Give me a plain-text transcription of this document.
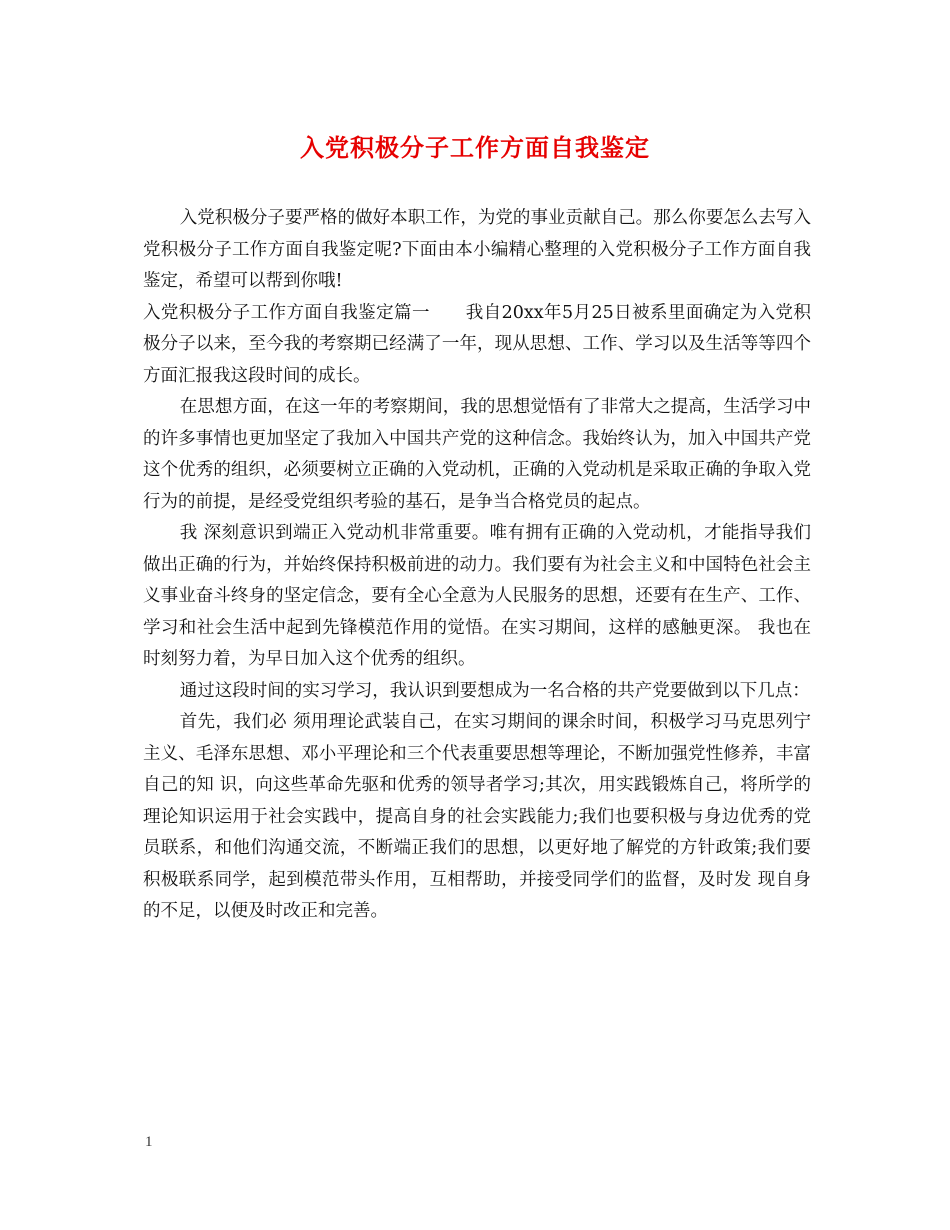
入党积极分子工作方面自我鉴定

入党积极分子要严格的做好本职工作，为党的事业贡献自己。那么你要怎么去写入党积极分子工作方面自我鉴定呢?下面由本小编精心整理的入党积极分子工作方面自我鉴定，希望可以帮到你哦!

入党积极分子工作方面自我鉴定篇一　　我自20xx年5月25日被系里面确定为入党积极分子以来，至今我的考察期已经满了一年，现从思想、工作、学习以及生活等等四个方面汇报我这段时间的成长。

在思想方面，在这一年的考察期间，我的思想觉悟有了非常大之提高，生活学习中的许多事情也更加坚定了我加入中国共产党的这种信念。我始终认为，加入中国共产党这个优秀的组织，必须要树立正确的入党动机，正确的入党动机是采取正确的争取入党行为的前提，是经受党组织考验的基石，是争当合格党员的起点。

我 深刻意识到端正入党动机非常重要。唯有拥有正确的入党动机，才能指导我们做出正确的行为，并始终保持积极前进的动力。我们要有为社会主义和中国特色社会主 义事业奋斗终身的坚定信念，要有全心全意为人民服务的思想，还要有在生产、工作、学习和社会生活中起到先锋模范作用的觉悟。在实习期间，这样的感触更深。 我也在时刻努力着，为早日加入这个优秀的组织。

通过这段时间的实习学习，我认识到要想成为一名合格的共产党要做到以下几点：

首先，我们必 须用理论武装自己，在实习期间的课余时间，积极学习马克思列宁主义、毛泽东思想、邓小平理论和三个代表重要思想等理论，不断加强党性修养，丰富自己的知 识，向这些革命先驱和优秀的领导者学习;其次，用实践锻炼自己，将所学的理论知识运用于社会实践中，提高自身的社会实践能力;我们也要积极与身边优秀的党 员联系，和他们沟通交流，不断端正我们的思想，以更好地了解党的方针政策;我们要积极联系同学，起到模范带头作用，互相帮助，并接受同学们的监督，及时发 现自身的不足，以便及时改正和完善。

1
